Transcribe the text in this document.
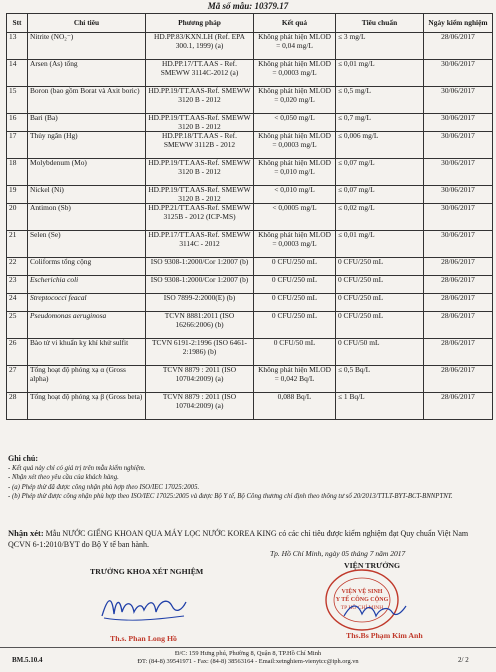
Mã số mẫu: 10379.17
Stt	Chỉ tiêu	Phương pháp	Kết quả	Tiêu chuẩn	Ngày kiểm nghiệm
13	Nitrite (NO₂⁻)	HD.PP.83/KXN.LH (Ref. EPA 300.1, 1999) (a)	Không phát hiện MLOD = 0,04 mg/L	≤ 3 mg/L	28/06/2017
14	Arsen (As) tổng	HD.PP.17/TT.AAS - Ref. SMEWW 3114C-2012 (a)	Không phát hiện MLOD = 0,0003 mg/L	≤ 0,01 mg/L	30/06/2017
15	Boron (bao gồm Borat và Axit boric)	HD.PP.19/TT.AAS-Ref. SMEWW 3120 B - 2012	Không phát hiện MLOD = 0,020 mg/L	≤ 0,5 mg/L	30/06/2017
16	Bari (Ba)	HD.PP.19/TT.AAS-Ref. SMEWW 3120 B - 2012	< 0,050 mg/L	≤ 0,7 mg/L	30/06/2017
17	Thủy ngân (Hg)	HD.PP.18/TT.AAS - Ref. SMEWW 3112B - 2012	Không phát hiện MLOD = 0,0003 mg/L	≤ 0,006 mg/L	30/06/2017
18	Molybdenum (Mo)	HD.PP.19/TT.AAS-Ref. SMEWW 3120 B - 2012	Không phát hiện MLOD = 0,010 mg/L	≤ 0,07 mg/L	30/06/2017
19	Nickel (Ni)	HD.PP.19/TT.AAS-Ref. SMEWW 3120 B - 2012	< 0,010 mg/L	≤ 0,07 mg/L	30/06/2017
20	Antimon (Sb)	HD.PP.21/TT.AAS-Ref. SMEWW 3125B - 2012 (ICP-MS)	< 0,0005 mg/L	≤ 0,02 mg/L	30/06/2017
21	Selen (Se)	HD.PP.17/TT.AAS-Ref. SMEWW 3114C - 2012	Không phát hiện MLOD = 0,0003 mg/L	≤ 0,01 mg/L	30/06/2017
22	Coliforms tổng cộng	ISO 9308-1:2000/Cor 1:2007 (b)	0 CFU/250 mL	0 CFU/250 mL	28/06/2017
23	Escherichia coli	ISO 9308-1:2000/Cor 1:2007 (b)	0 CFU/250 mL	0 CFU/250 mL	28/06/2017
24	Streptococci feacal	ISO 7899-2:2000(E) (b)	0 CFU/250 mL	0 CFU/250 mL	28/06/2017
25	Pseudomonas aeruginosa	TCVN 8881:2011 (ISO 16266:2006) (b)	0 CFU/250 mL	0 CFU/250 mL	28/06/2017
26	Bào tử vi khuẩn kỵ khí khử sulfit	TCVN 6191-2:1996 (ISO 6461-2:1986) (b)	0 CFU/50 mL	0 CFU/50 mL	28/06/2017
27	Tổng hoạt độ phóng xạ α (Gross alpha)	TCVN 8879 : 2011 (ISO 10704:2009) (a)	Không phát hiện MLOD = 0,042 Bq/L	≤ 0,5 Bq/L	28/06/2017
28	Tổng hoạt độ phóng xạ β (Gross beta)	TCVN 8879 : 2011 (ISO 10704:2009) (a)	0,088 Bq/L	≤ 1 Bq/L	28/06/2017
Ghi chú:
- Kết quả này chỉ có giá trị trên mẫu kiểm nghiệm.
- Nhận xét theo yêu cầu của khách hàng.
- (a) Phép thử đã được công nhận phù hợp theo ISO/IEC 17025:2005.
- (b) Phép thử được công nhận phù hợp theo ISO/IEC 17025:2005 và được Bộ Y tế, Bộ Công thương chỉ định theo thông tư số 20/2013/TTLT-BYT-BCT-BNNPTNT.
Nhận xét: Mẫu NƯỚC GIẾNG KHOAN QUA MÁY LỌC NƯỚC KOREA KING có các chỉ tiêu được kiểm nghiệm đạt Quy chuẩn Việt Nam QCVN 6-1:2010/BYT do Bộ Y tế ban hành.
Tp. Hồ Chí Minh, ngày 05 tháng 7 năm 2017
TRƯỞNG KHOA XÉT NGHIỆM
VIỆN TRƯỞNG
VIỆN VỆ SINH
Y TẾ CÔNG CỘNG
TP HỒ CHÍ MINH
Th.s. Phan Long Hồ	Ths.Bs Phạm Kim Anh
BM.5.10.4
Đ/C: 159 Hưng phú, Phường 8, Quận 8, TP.Hồ Chí Minh
ĐT: (84-8) 39541971 - Fax: (84-8) 38563164 - Email:xetnghiem-vienytcc@iph.org.vn	2/ 2
